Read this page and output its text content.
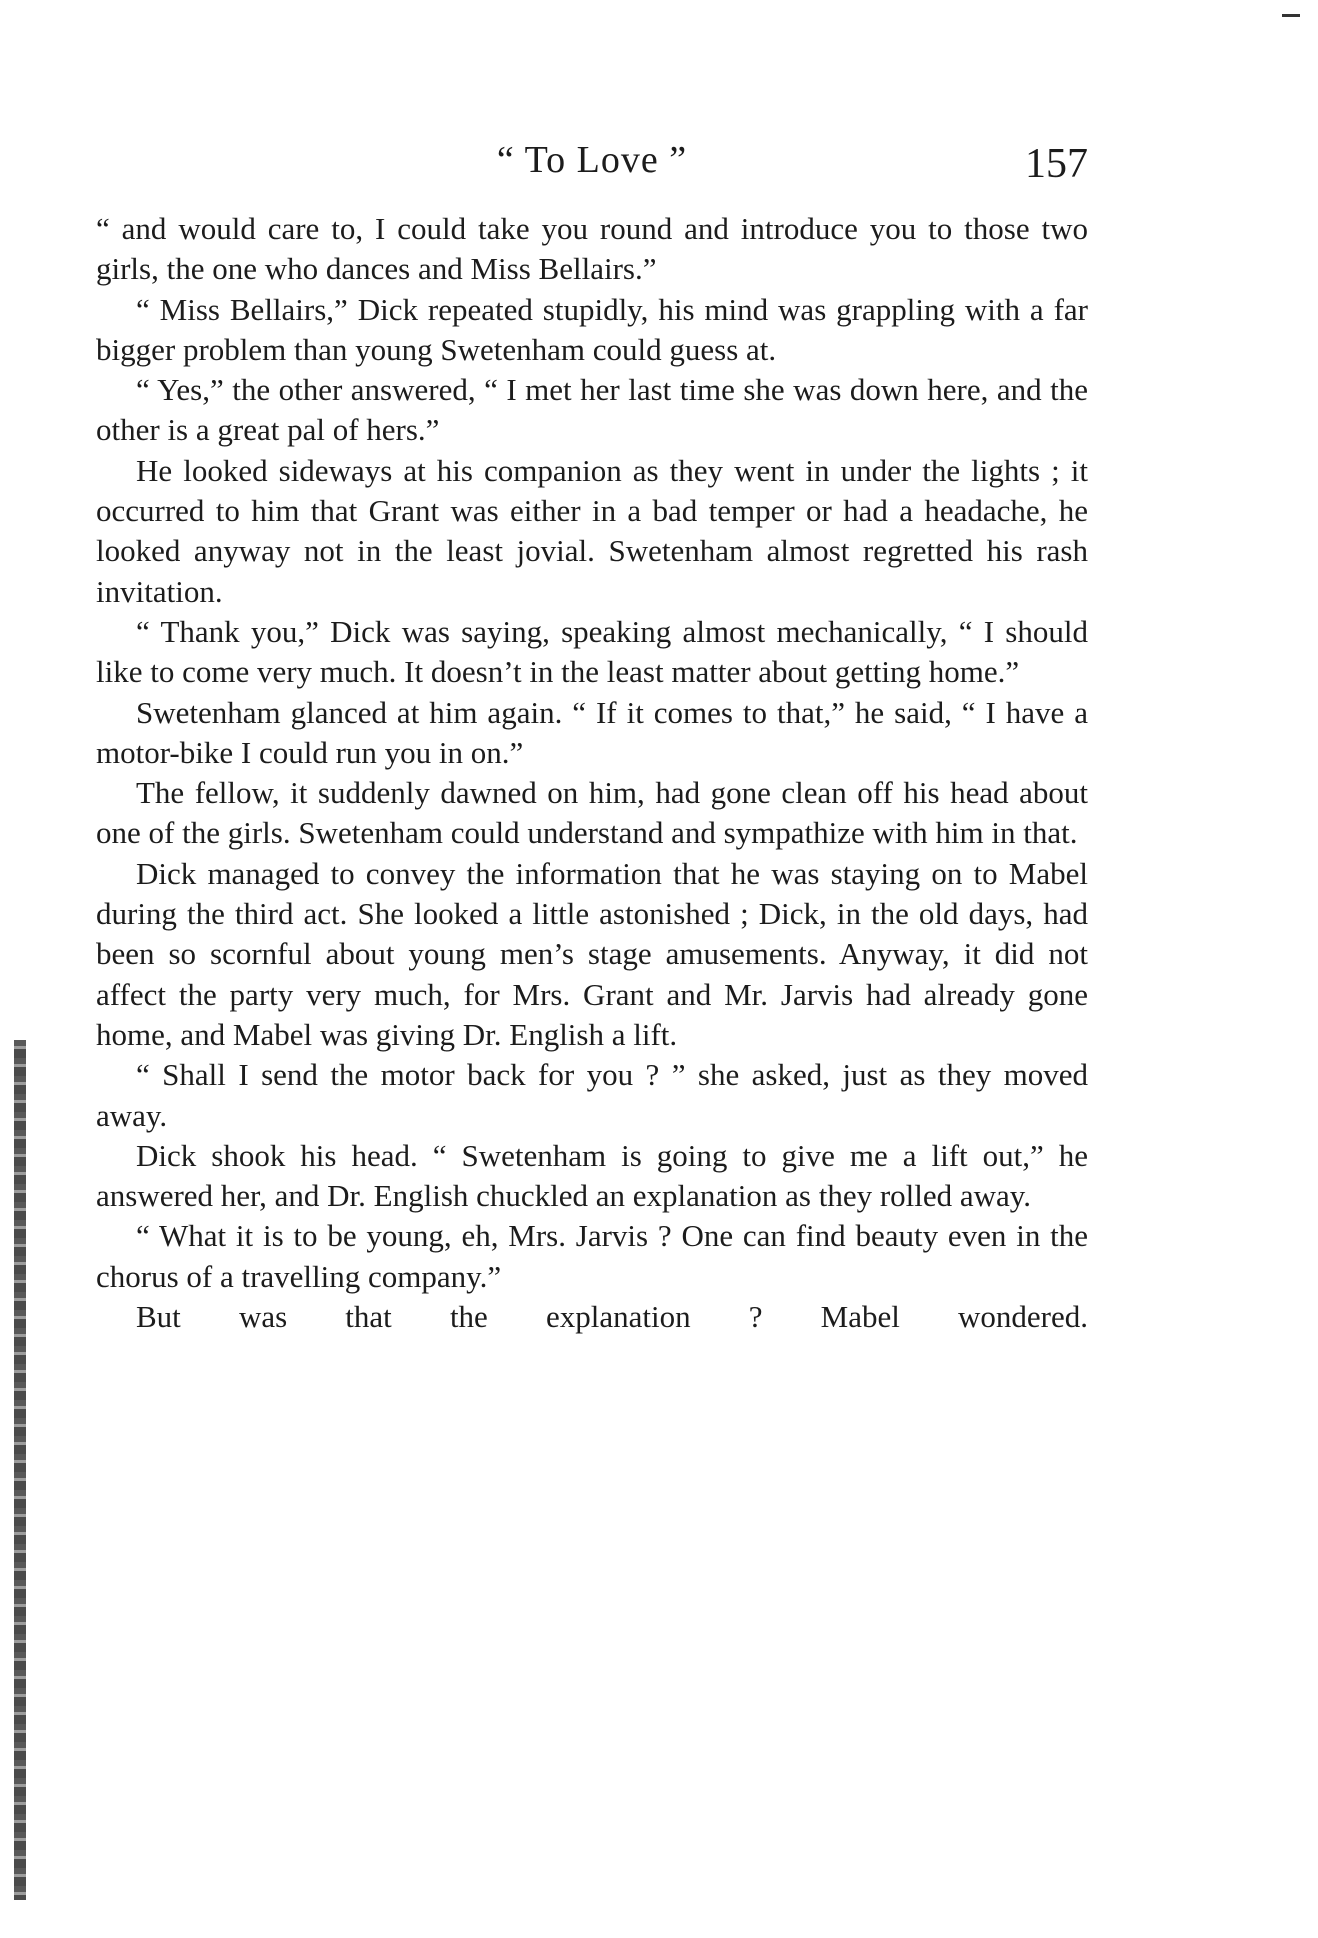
“ To Love ”	157

“ and would care to, I could take you round and introduce you to those two girls, the one who dances and Miss Bellairs.”

“ Miss Bellairs,” Dick repeated stupidly, his mind was grappling with a far bigger problem than young Swetenham could guess at.

“ Yes,” the other answered, “ I met her last time she was down here, and the other is a great pal of hers.”

He looked sideways at his companion as they went in under the lights ; it occurred to him that Grant was either in a bad temper or had a headache, he looked anyway not in the least jovial. Swetenham almost regretted his rash invitation.

“ Thank you,” Dick was saying, speaking almost mechanically, “ I should like to come very much. It doesn’t in the least matter about getting home.”

Swetenham glanced at him again. “ If it comes to that,” he said, “ I have a motor-bike I could run you in on.”

The fellow, it suddenly dawned on him, had gone clean off his head about one of the girls. Swetenham could understand and sympathize with him in that.

Dick managed to convey the information that he was staying on to Mabel during the third act. She looked a little astonished ; Dick, in the old days, had been so scornful about young men’s stage amusements. Anyway, it did not affect the party very much, for Mrs. Grant and Mr. Jarvis had already gone home, and Mabel was giving Dr. English a lift.

“ Shall I send the motor back for you ? ” she asked, just as they moved away.

Dick shook his head. “ Swetenham is going to give me a lift out,” he answered her, and Dr. English chuckled an explanation as they rolled away.

“ What it is to be young, eh, Mrs. Jarvis ? One can find beauty even in the chorus of a travelling company.”

But was that the explanation ? Mabel wondered.
